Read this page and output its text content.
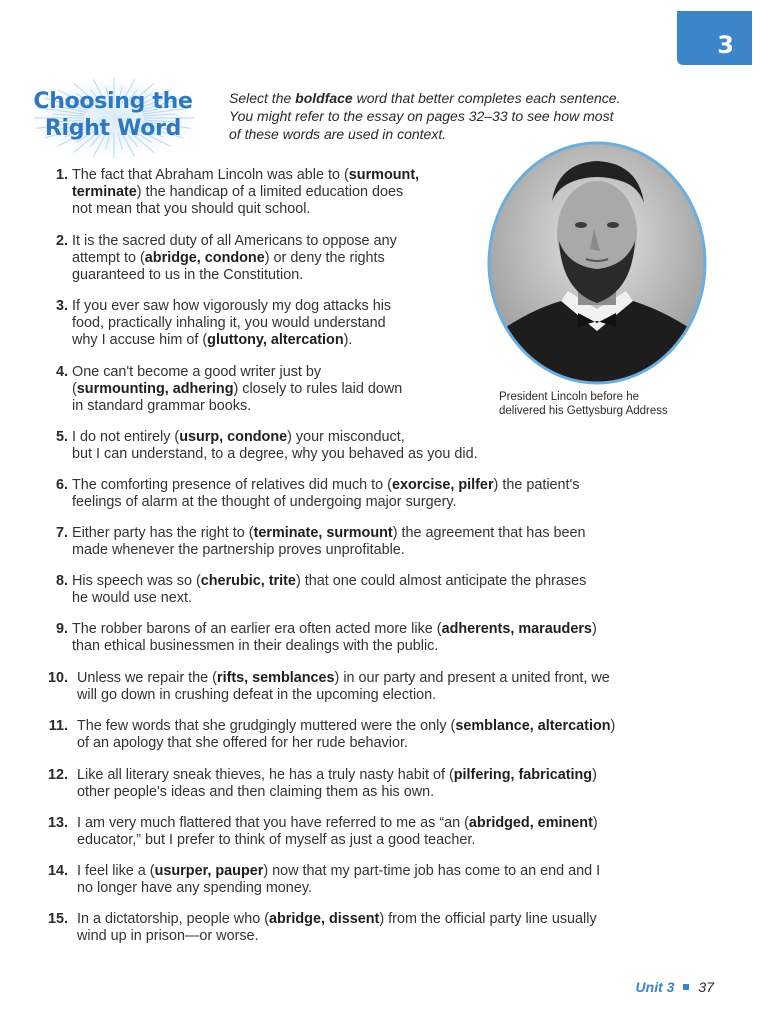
3
Choosing the
Right Word
Select the boldface word that better completes each sentence.
You might refer to the essay on pages 32–33 to see how most
of these words are used in context.
President Lincoln before he
delivered his Gettysburg Address
1. The fact that Abraham Lincoln was able to (surmount,
terminate) the handicap of a limited education does
not mean that you should quit school.
2. It is the sacred duty of all Americans to oppose any
attempt to (abridge, condone) or deny the rights
guaranteed to us in the Constitution.
3. If you ever saw how vigorously my dog attacks his
food, practically inhaling it, you would understand
why I accuse him of (gluttony, altercation).
4. One can't become a good writer just by
(surmounting, adhering) closely to rules laid down
in standard grammar books.
5. I do not entirely (usurp, condone) your misconduct,
but I can understand, to a degree, why you behaved as you did.
6. The comforting presence of relatives did much to (exorcise, pilfer) the patient's
feelings of alarm at the thought of undergoing major surgery.
7. Either party has the right to (terminate, surmount) the agreement that has been
made whenever the partnership proves unprofitable.
8. His speech was so (cherubic, trite) that one could almost anticipate the phrases
he would use next.
9. The robber barons of an earlier era often acted more like (adherents, marauders)
than ethical businessmen in their dealings with the public.
10. Unless we repair the (rifts, semblances) in our party and present a united front, we
will go down in crushing defeat in the upcoming election.
11. The few words that she grudgingly muttered were the only (semblance, altercation)
of an apology that she offered for her rude behavior.
12. Like all literary sneak thieves, he has a truly nasty habit of (pilfering, fabricating)
other people's ideas and then claiming them as his own.
13. I am very much flattered that you have referred to me as “an (abridged, eminent)
educator,” but I prefer to think of myself as just a good teacher.
14. I feel like a (usurper, pauper) now that my part-time job has come to an end and I
no longer have any spending money.
15. In a dictatorship, people who (abridge, dissent) from the official party line usually
wind up in prison—or worse.
Unit 3 37
